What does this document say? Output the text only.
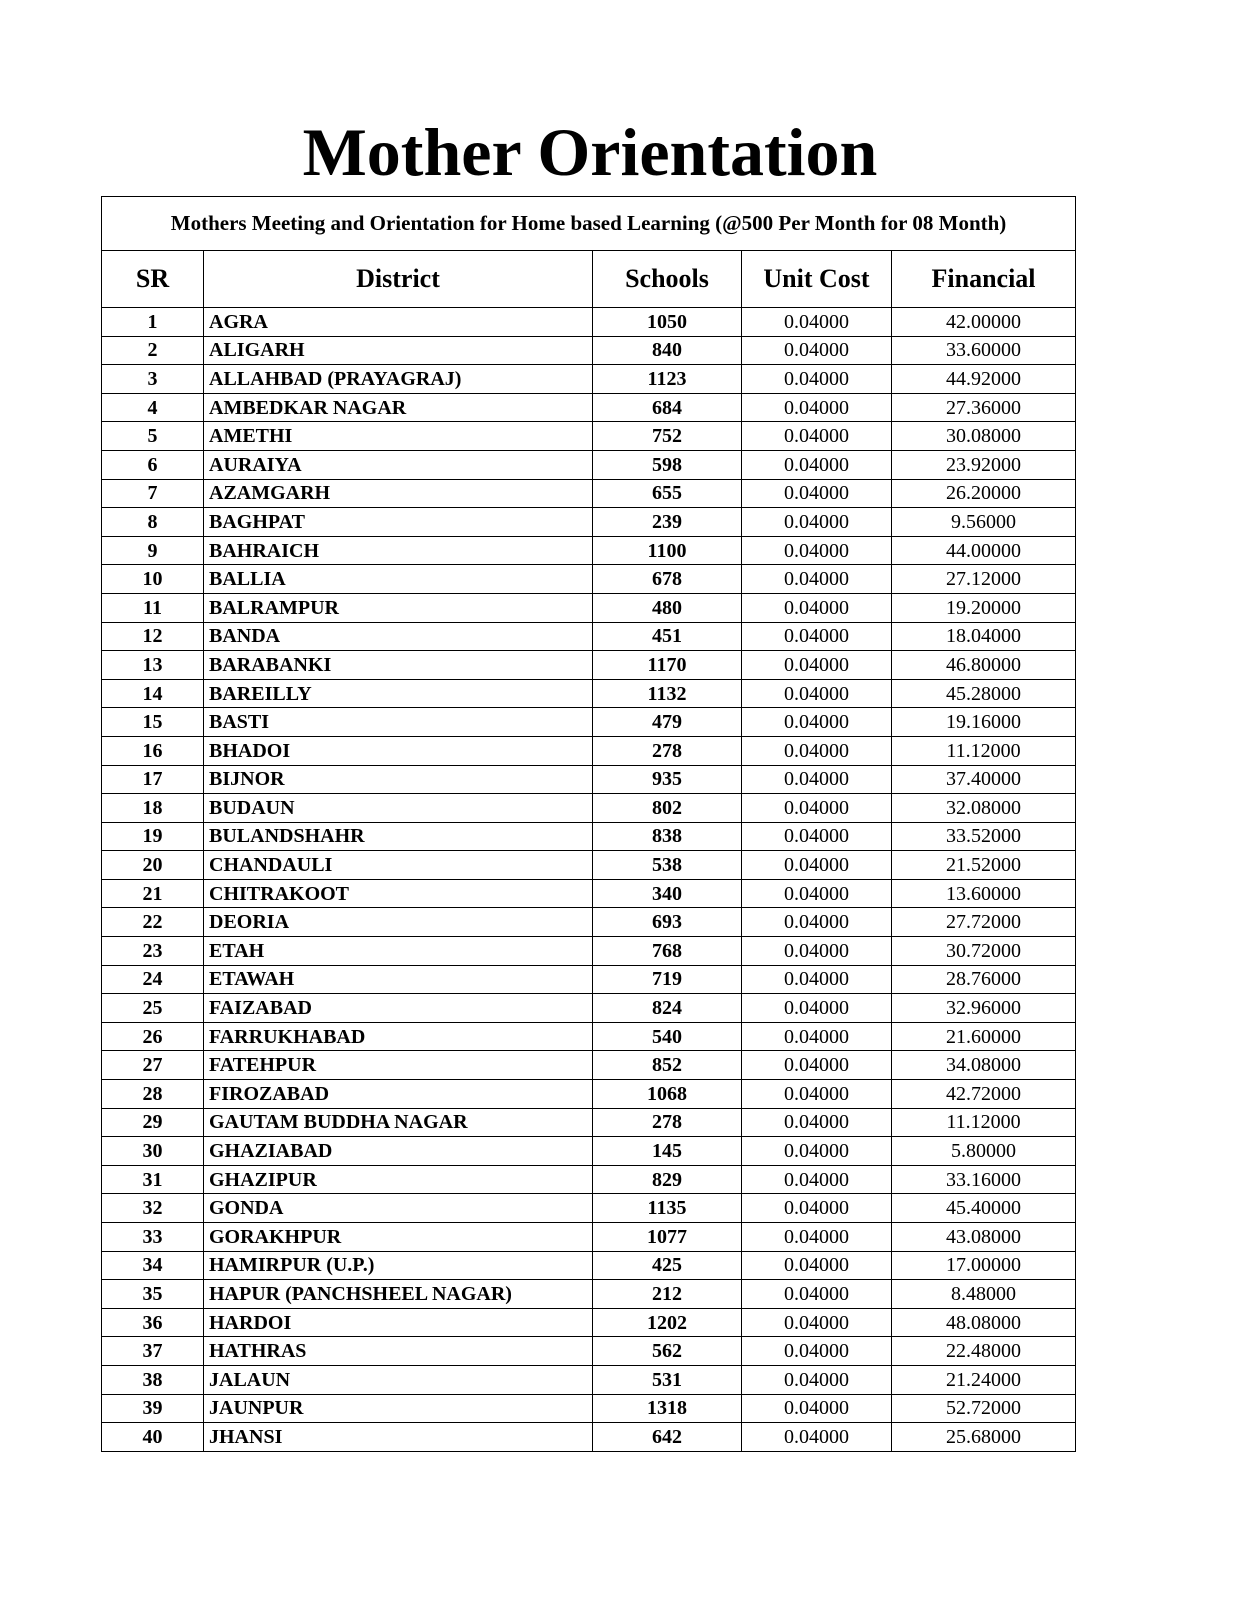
Mother Orientation
Mothers Meeting and Orientation for Home based Learning (@500 Per Month for 08 Month)				
SR	District	Schools	Unit Cost	Financial
1	AGRA	1050	0.04000	42.00000
2	ALIGARH	840	0.04000	33.60000
3	ALLAHBAD (PRAYAGRAJ)	1123	0.04000	44.92000
4	AMBEDKAR NAGAR	684	0.04000	27.36000
5	AMETHI	752	0.04000	30.08000
6	AURAIYA	598	0.04000	23.92000
7	AZAMGARH	655	0.04000	26.20000
8	BAGHPAT	239	0.04000	9.56000
9	BAHRAICH	1100	0.04000	44.00000
10	BALLIA	678	0.04000	27.12000
11	BALRAMPUR	480	0.04000	19.20000
12	BANDA	451	0.04000	18.04000
13	BARABANKI	1170	0.04000	46.80000
14	BAREILLY	1132	0.04000	45.28000
15	BASTI	479	0.04000	19.16000
16	BHADOI	278	0.04000	11.12000
17	BIJNOR	935	0.04000	37.40000
18	BUDAUN	802	0.04000	32.08000
19	BULANDSHAHR	838	0.04000	33.52000
20	CHANDAULI	538	0.04000	21.52000
21	CHITRAKOOT	340	0.04000	13.60000
22	DEORIA	693	0.04000	27.72000
23	ETAH	768	0.04000	30.72000
24	ETAWAH	719	0.04000	28.76000
25	FAIZABAD	824	0.04000	32.96000
26	FARRUKHABAD	540	0.04000	21.60000
27	FATEHPUR	852	0.04000	34.08000
28	FIROZABAD	1068	0.04000	42.72000
29	GAUTAM BUDDHA NAGAR	278	0.04000	11.12000
30	GHAZIABAD	145	0.04000	5.80000
31	GHAZIPUR	829	0.04000	33.16000
32	GONDA	1135	0.04000	45.40000
33	GORAKHPUR	1077	0.04000	43.08000
34	HAMIRPUR (U.P.)	425	0.04000	17.00000
35	HAPUR (PANCHSHEEL NAGAR)	212	0.04000	8.48000
36	HARDOI	1202	0.04000	48.08000
37	HATHRAS	562	0.04000	22.48000
38	JALAUN	531	0.04000	21.24000
39	JAUNPUR	1318	0.04000	52.72000
40	JHANSI	642	0.04000	25.68000
